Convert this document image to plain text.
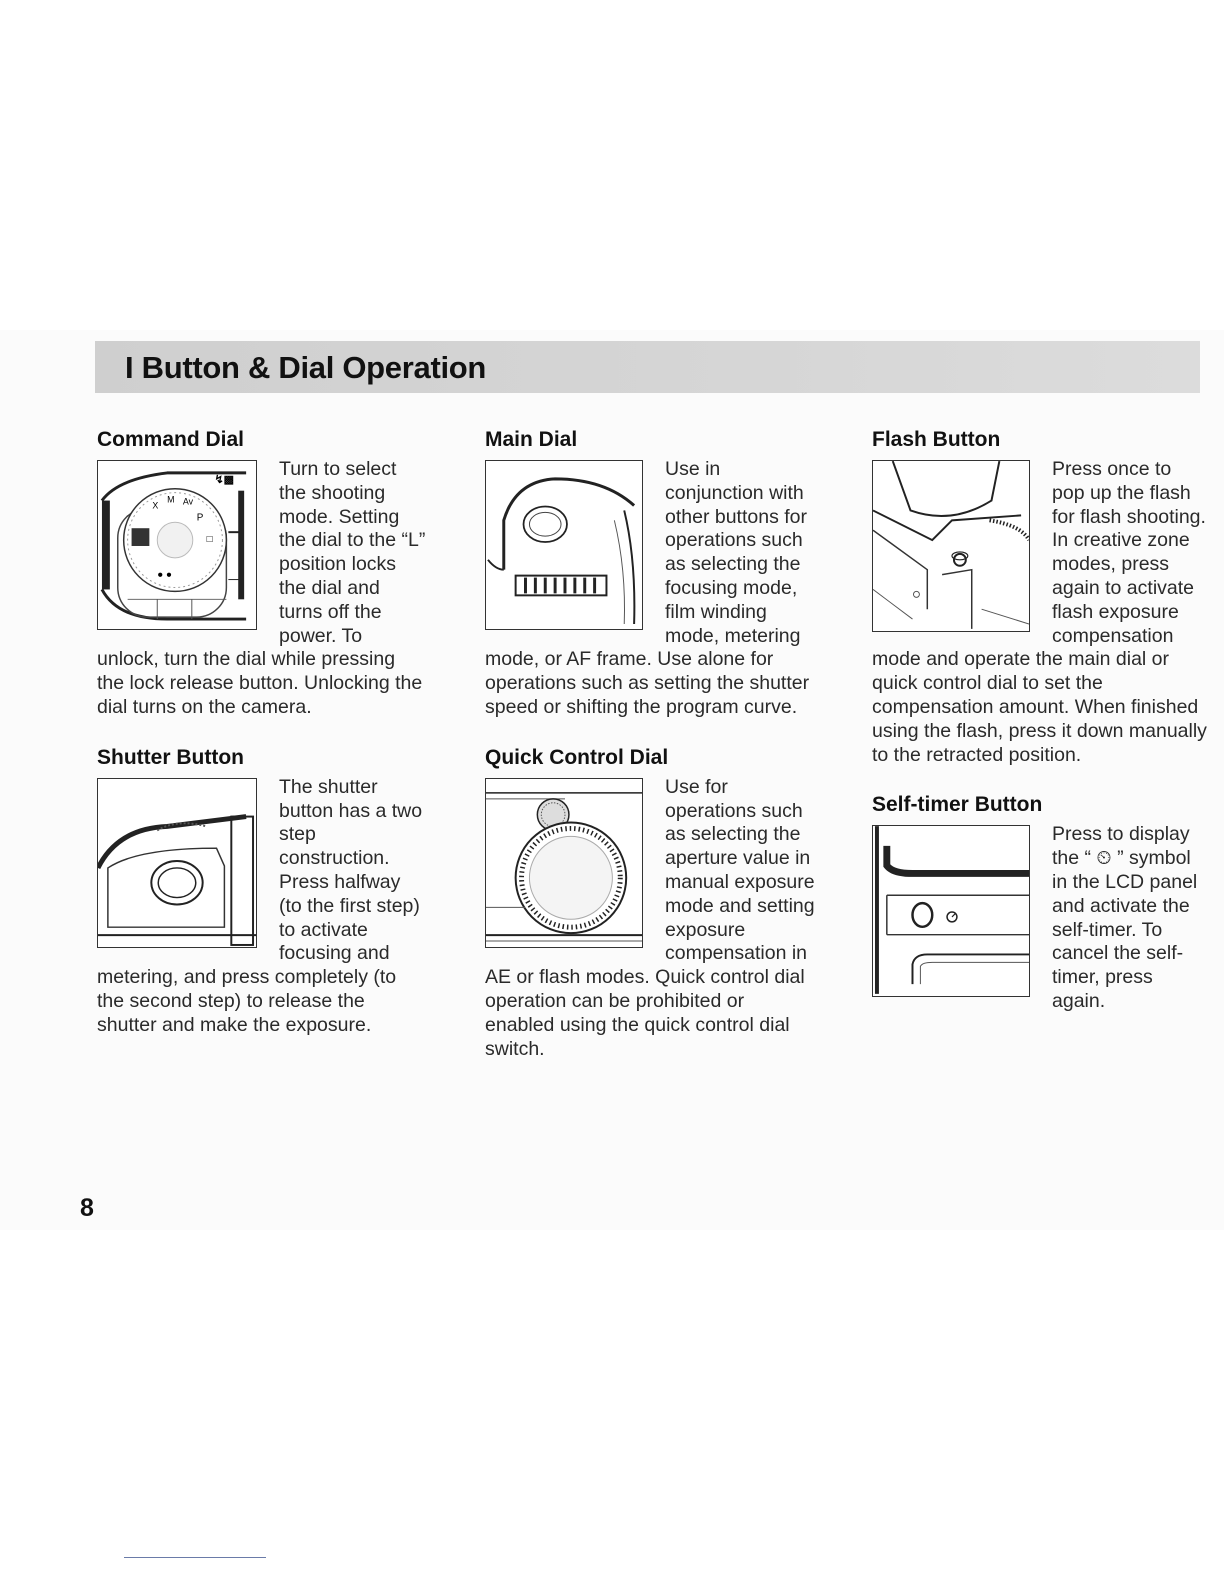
I Button & Dial Operation
Command Dial
P
□
X
M Av
● ●
↯▩	Turn to select the shooting mode. Setting the dial to the “L” position locks the dial and turns off the power. To unlock, turn the dial while pressing the lock release button. Unlocking the dial turns on the camera.

Shutter Button

The shutter button has a two step construction. Press halfway (to the first step) to activate focusing and metering, and press completely (to the second step) to release the shutter and make the exposure.

Main Dial

Use in conjunction with other buttons for operations such as selecting the focusing mode, film winding mode, metering mode, or AF frame. Use alone for operations such as setting the shutter speed or shifting the program curve.

Quick Control Dial

Use for operations such as selecting the aperture value in manual exposure mode and setting exposure compensation in AE or flash modes. Quick control dial operation can be prohibited or enabled using the quick control dial switch.

Flash Button

Press once to pop up the flash for flash shooting. In creative zone modes, press again to activate flash exposure compensation mode and operate the main dial or quick control dial to set the compensation amount. When finished using the flash, press it down manually to the retracted position.

Self-timer Button

Press to display the “ ⏲ ” symbol in the LCD panel and activate the self-timer. To cancel the self-timer, press again.

8
